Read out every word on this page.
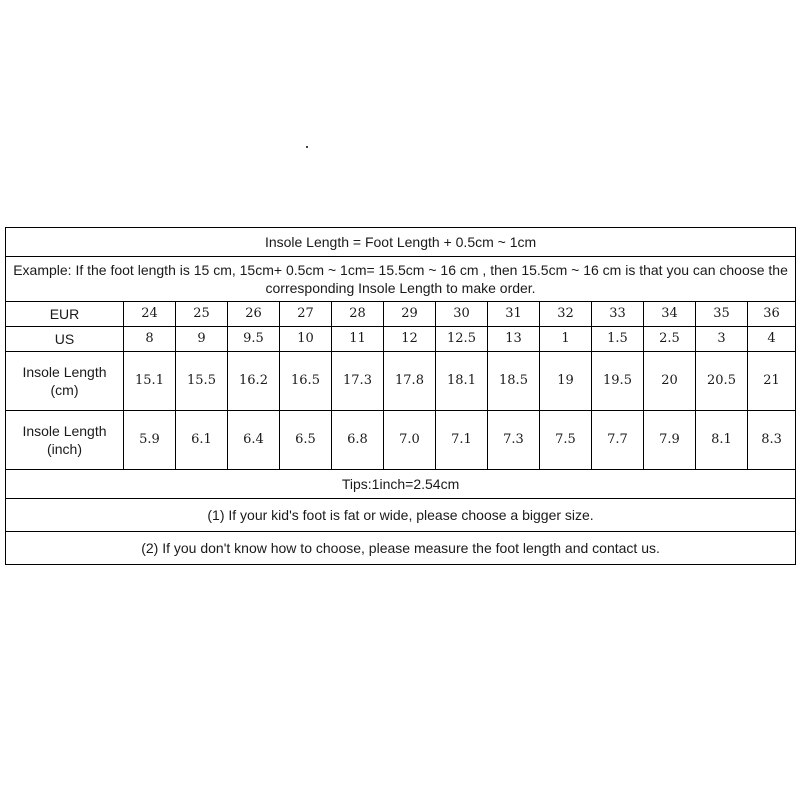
Insole Length = Foot Length + 0.5cm ~ 1cm													
Example: If the foot length is 15 cm, 15cm+ 0.5cm ~ 1cm= 15.5cm ~ 16 cm , then 15.5cm ~ 16 cm is that you can choose the corresponding Insole Length to make order.													
EUR	24	25	26	27	28	29	30	31	32	33	34	35	36
US	8	9	9.5	10	11	12	12.5	13	1	1.5	2.5	3	4

Insole Length
(cm)	15.1	15.5	16.2	16.5	17.3	17.8	18.1	18.5	19	19.5	20	20.5	21

Insole Length
(inch)	5.9	6.1	6.4	6.5	6.8	7.0	7.1	7.3	7.5	7.7	7.9	8.1	8.3
Tips:1inch=2.54cm													
(1) If your kid's foot is fat or wide, please choose a bigger size.													
(2) If you don't know how to choose, please measure the foot length and contact us.													
